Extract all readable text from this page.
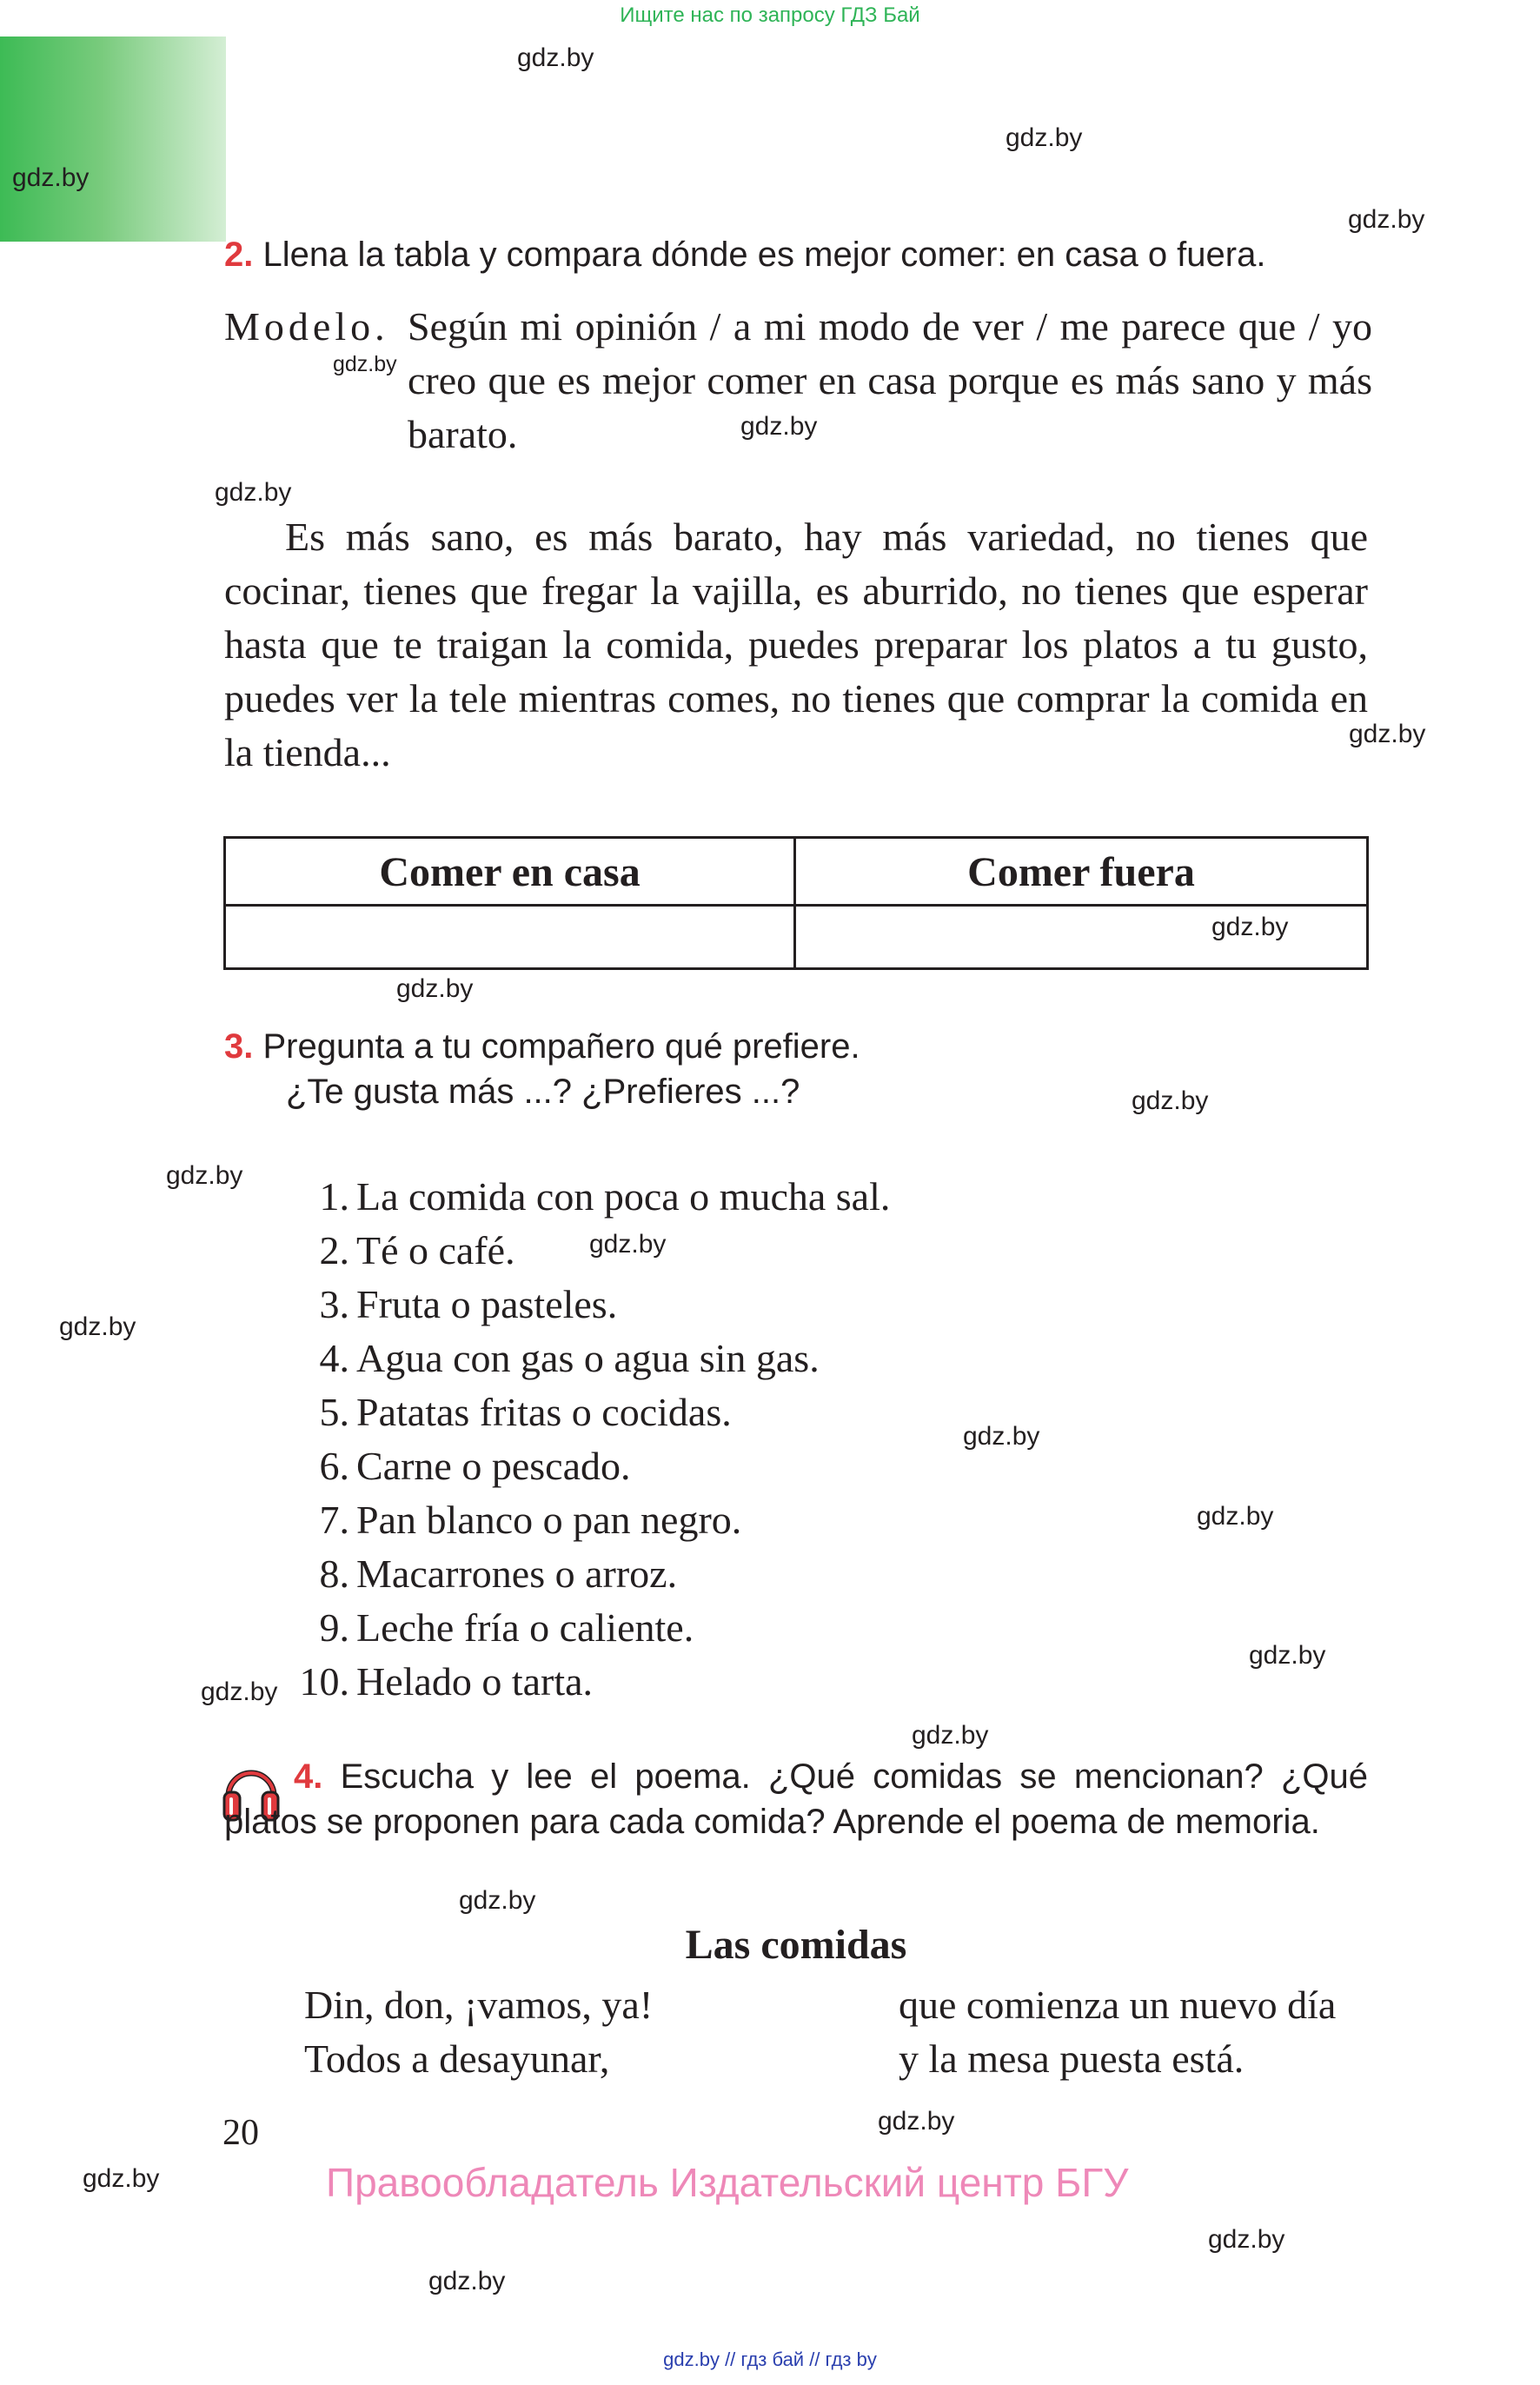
Ищите нас по запросу ГДЗ Бай
gdz.by
gdz.by
gdz.by
gdz.by
gdz.by
gdz.by
gdz.by
gdz.by
gdz.by
gdz.by
gdz.by
gdz.by
gdz.by
gdz.by
gdz.by
gdz.by
gdz.by
gdz.by
gdz.by
gdz.by
gdz.by
gdz.by
gdz.by
gdz.by
2. Llena la tabla y compara dónde es mejor comer: en casa o fuera.
Modelo. Según mi opinión / a mi modo de ver / me parece que / yo creo que es mejor comer en casa porque es más sano y más barato.
Es más sano, es más barato, hay más variedad, no tienes que cocinar, tienes que fregar la vajilla, es aburrido, no tienes que esperar hasta que te traigan la comida, puedes preparar los platos a tu gusto, puedes ver la tele mientras comes, no tienes que comprar la comida en la tienda...
Comer en casa	Comer fuera
3. Pregunta a tu compañero qué prefiere.
¿Te gusta más ...? ¿Prefieres ...?
1. La comida con poca o mucha sal.
2. Té o café.
3. Fruta o pasteles.
4. Agua con gas o agua sin gas.
5. Patatas fritas o cocidas.
6. Carne o pescado.
7. Pan blanco o pan negro.
8. Macarrones o arroz.
9. Leche fría o caliente.
10. Helado o tarta.
4. Escucha y lee el poema. ¿Qué comidas se mencionan? ¿Qué platos se proponen para cada comida? Aprende el poema de memoria.
Las comidas
Din, don, ¡vamos, ya!
Todos a desayunar,
que comienza un nuevo día
y la mesa puesta está.
20
Правообладатель Издательский центр БГУ
gdz.by // гдз бай // гдз by
